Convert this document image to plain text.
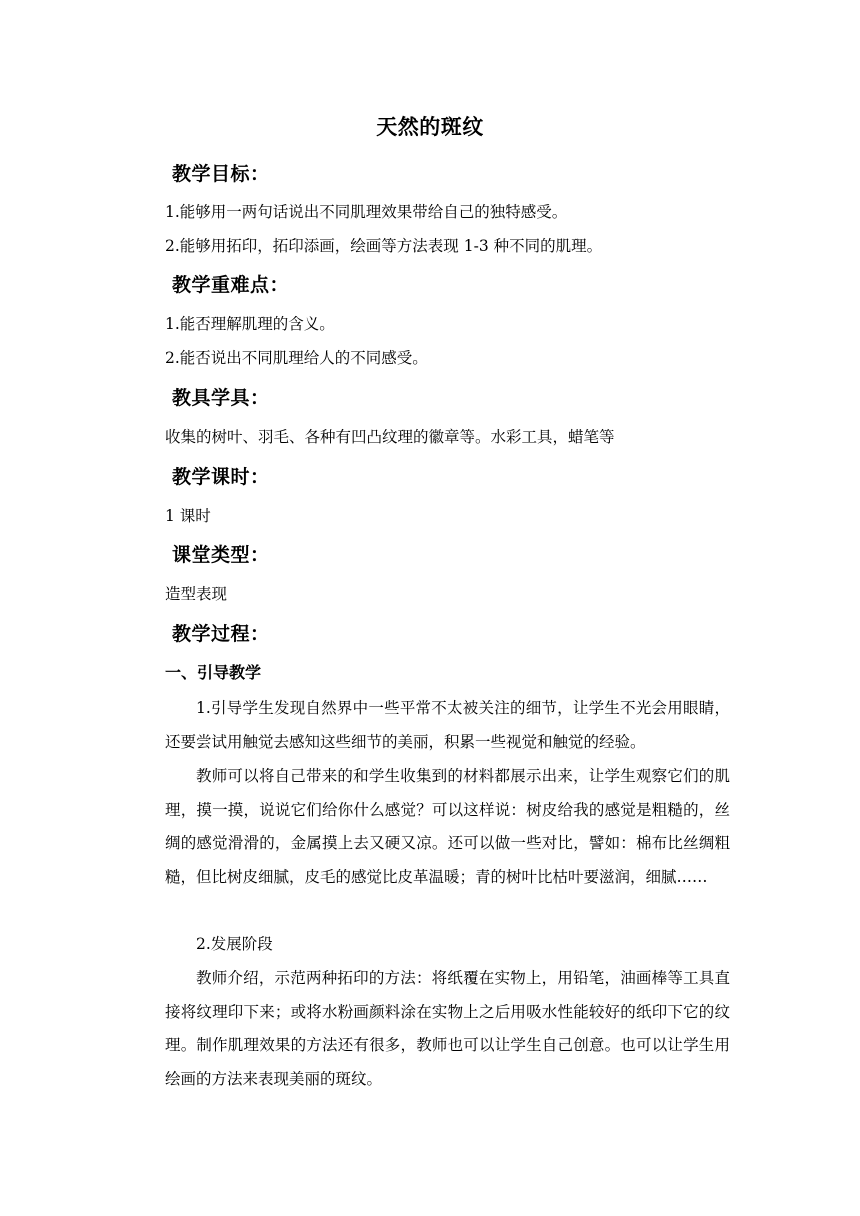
天然的斑纹
教学目标：
1.能够用一两句话说出不同肌理效果带给自己的独特感受。
2.能够用拓印，拓印添画，绘画等方法表现 1-3 种不同的肌理。
教学重难点：
1.能否理解肌理的含义。
2.能否说出不同肌理给人的不同感受。
教具学具：
收集的树叶、羽毛、各种有凹凸纹理的徽章等。水彩工具，蜡笔等
教学课时：
1 课时
课堂类型：
造型表现
教学过程：
一、引导教学
1.引导学生发现自然界中一些平常不太被关注的细节，让学生不光会用眼睛，还要尝试用触觉去感知这些细节的美丽，积累一些视觉和触觉的经验。
教师可以将自己带来的和学生收集到的材料都展示出来，让学生观察它们的肌理，摸一摸，说说它们给你什么感觉？可以这样说：树皮给我的感觉是粗糙的，丝绸的感觉滑滑的，金属摸上去又硬又凉。还可以做一些对比，譬如：棉布比丝绸粗糙，但比树皮细腻，皮毛的感觉比皮革温暖；青的树叶比枯叶要滋润，细腻……
2.发展阶段
教师介绍，示范两种拓印的方法：将纸覆在实物上，用铅笔，油画棒等工具直接将纹理印下来；或将水粉画颜料涂在实物上之后用吸水性能较好的纸印下它的纹理。制作肌理效果的方法还有很多，教师也可以让学生自己创意。也可以让学生用绘画的方法来表现美丽的斑纹。
